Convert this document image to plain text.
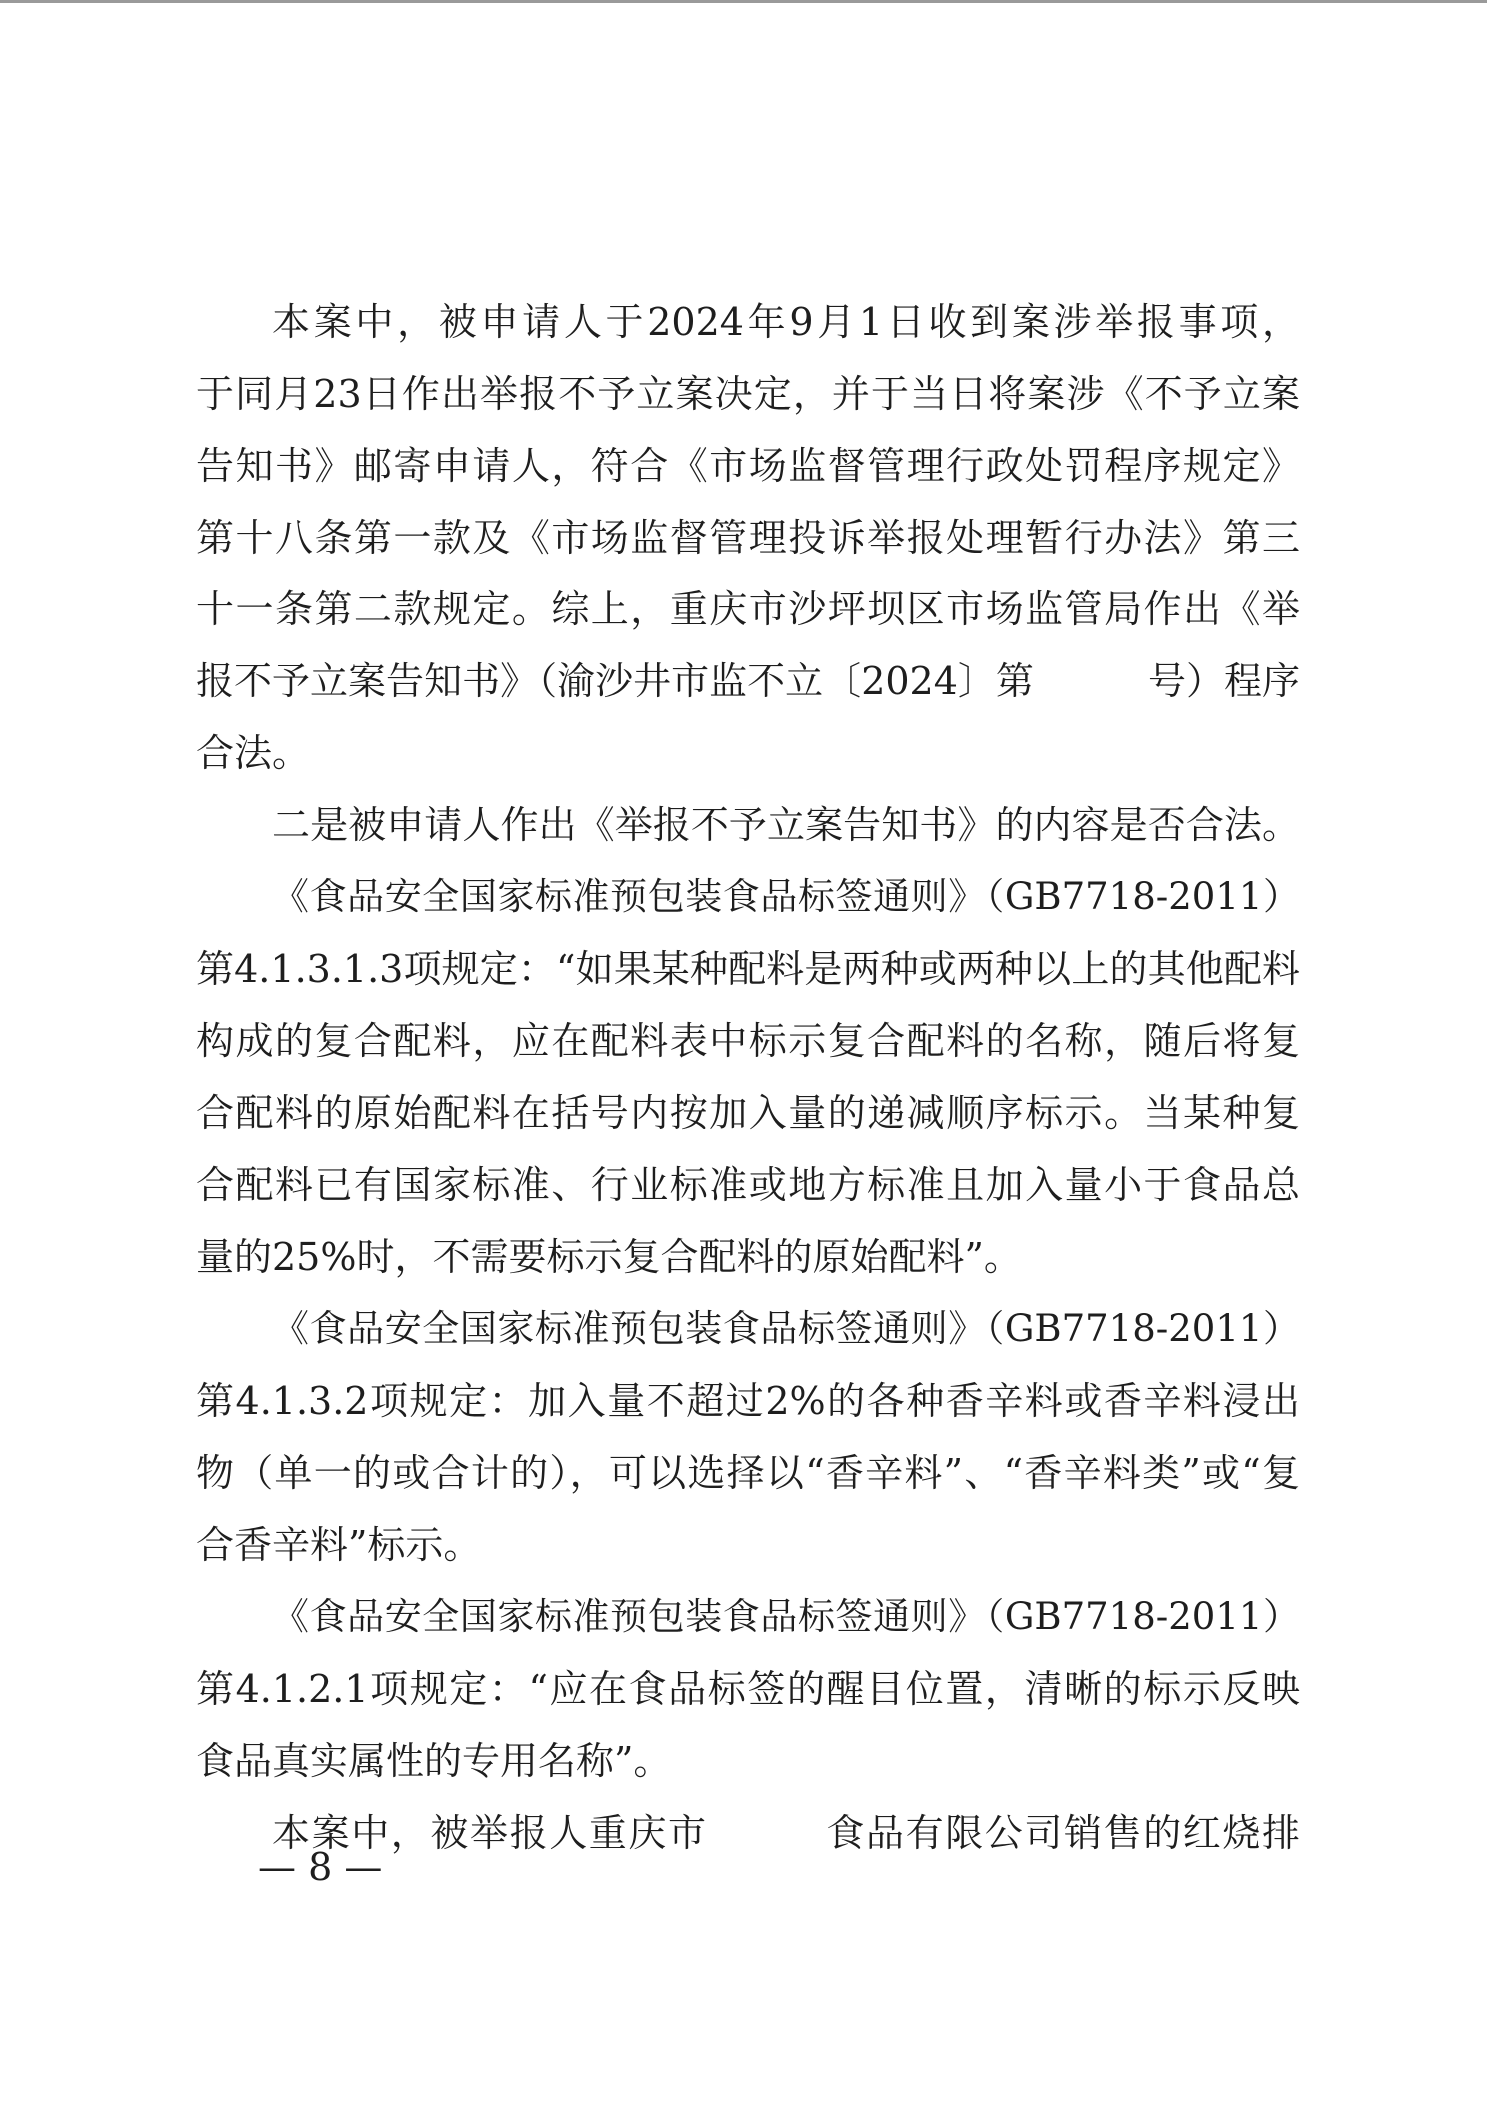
本案中，被申请人于2024年9月1日收到案涉举报事项，

于同月23日作出举报不予立案决定，并于当日将案涉《不予立案

告知书》邮寄申请人，符合《市场监督管理行政处罚程序规定》

第十八条第一款及《市场监督管理投诉举报处理暂行办法》第三

十一条第二款规定。综上，重庆市沙坪坝区市场监管局作出《举

报不予立案告知书》（渝沙井市监不立〔2024〕第　　　号）程序

合法。

二是被申请人作出《举报不予立案告知书》的内容是否合法。

《食品安全国家标准预包装食品标签通则》（GB7718-2011）

第4.1.3.1.3项规定：“如果某种配料是两种或两种以上的其他配料

构成的复合配料，应在配料表中标示复合配料的名称，随后将复

合配料的原始配料在括号内按加入量的递减顺序标示。当某种复

合配料已有国家标准、行业标准或地方标准且加入量小于食品总

量的25%时，不需要标示复合配料的原始配料”。

《食品安全国家标准预包装食品标签通则》（GB7718-2011）

第4.1.3.2项规定：加入量不超过2%的各种香辛料或香辛料浸出

物（单一的或合计的），可以选择以“香辛料”、“香辛料类”或“复

合香辛料”标示。

《食品安全国家标准预包装食品标签通则》（GB7718-2011）

第4.1.2.1项规定：“应在食品标签的醒目位置，清晰的标示反映

食品真实属性的专用名称”。

本案中，被举报人重庆市　　　食品有限公司销售的红烧排

— 8 —
